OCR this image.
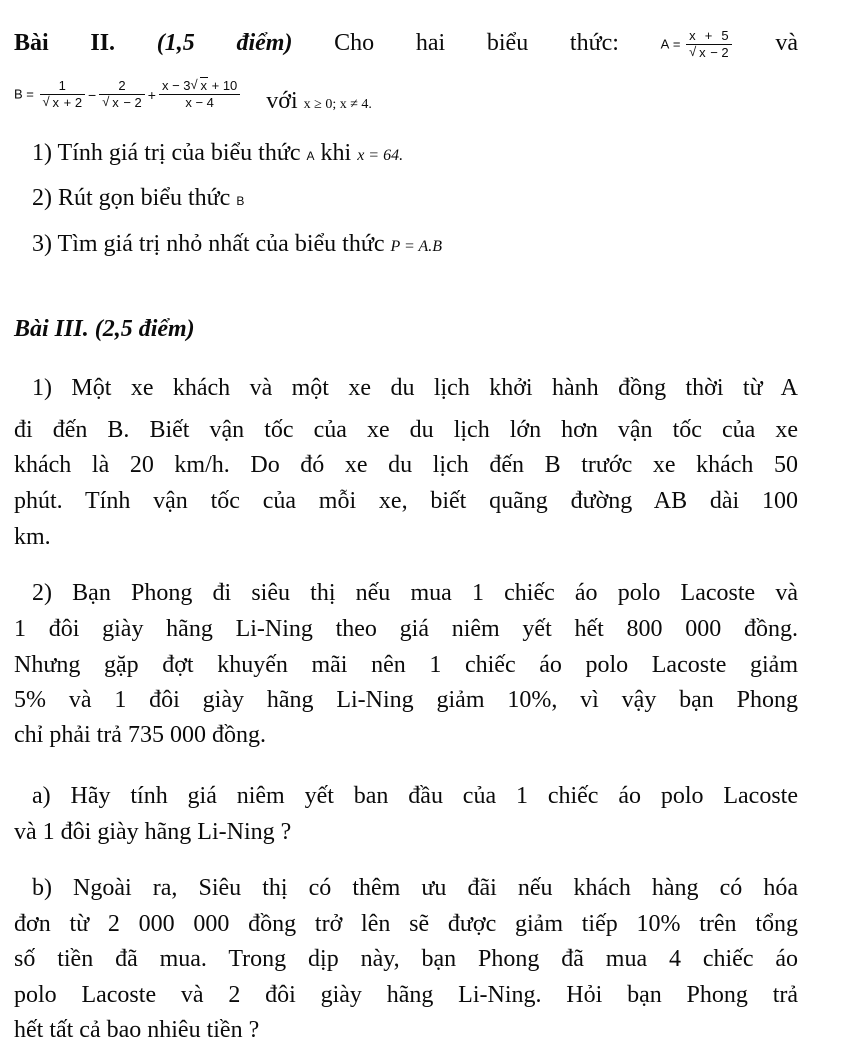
Bài II. (1,5 điểm) Cho hai biểu thức:	A = x + 5
√ x − 2 và
B = 1
√ x + 2 − 2
√ $x - 2 + \frac{x - 3√ x + 10}{x - 4}$ với $_{x \ge 0; x \ne 4.}$
1) Tính giá trị của biểu thức A khi x = 64.
2) Rút gọn biểu thức B
3) Tìm giá trị nhỏ nhất của biểu thức P = A.B
Bài III. (2,5 điểm)
1) Một xe khách và một xe du lịch khởi hành đồng thời từ A
đi đến B. Biết vận tốc của xe du lịch lớn hơn vận tốc của xe
khách là 20 km/h. Do đó xe du lịch đến B trước xe khách 50
phút. Tính vận tốc của mỗi xe, biết quãng đường AB dài 100
km.
2) Bạn Phong đi siêu thị nếu mua 1 chiếc áo polo Lacoste và
1 đôi giày hãng Li-Ning theo giá niêm yết hết 800 000 đồng.
Nhưng gặp đợt khuyến mãi nên 1 chiếc áo polo Lacoste giảm
5% và 1 đôi giày hãng Li-Ning giảm 10%, vì vậy bạn Phong
chỉ phải trả 735 000 đồng.
a) Hãy tính giá niêm yết ban đầu của 1 chiếc áo polo Lacoste
và 1 đôi giày hãng Li-Ning ?
b) Ngoài ra, Siêu thị có thêm ưu đãi nếu khách hàng có hóa
đơn từ 2 000 000 đồng trở lên sẽ được giảm tiếp 10% trên tổng
số tiền đã mua. Trong dịp này, bạn Phong đã mua 4 chiếc áo
polo Lacoste và 2 đôi giày hãng Li-Ning. Hỏi bạn Phong trả
hết tất cả bao nhiêu tiền ?
